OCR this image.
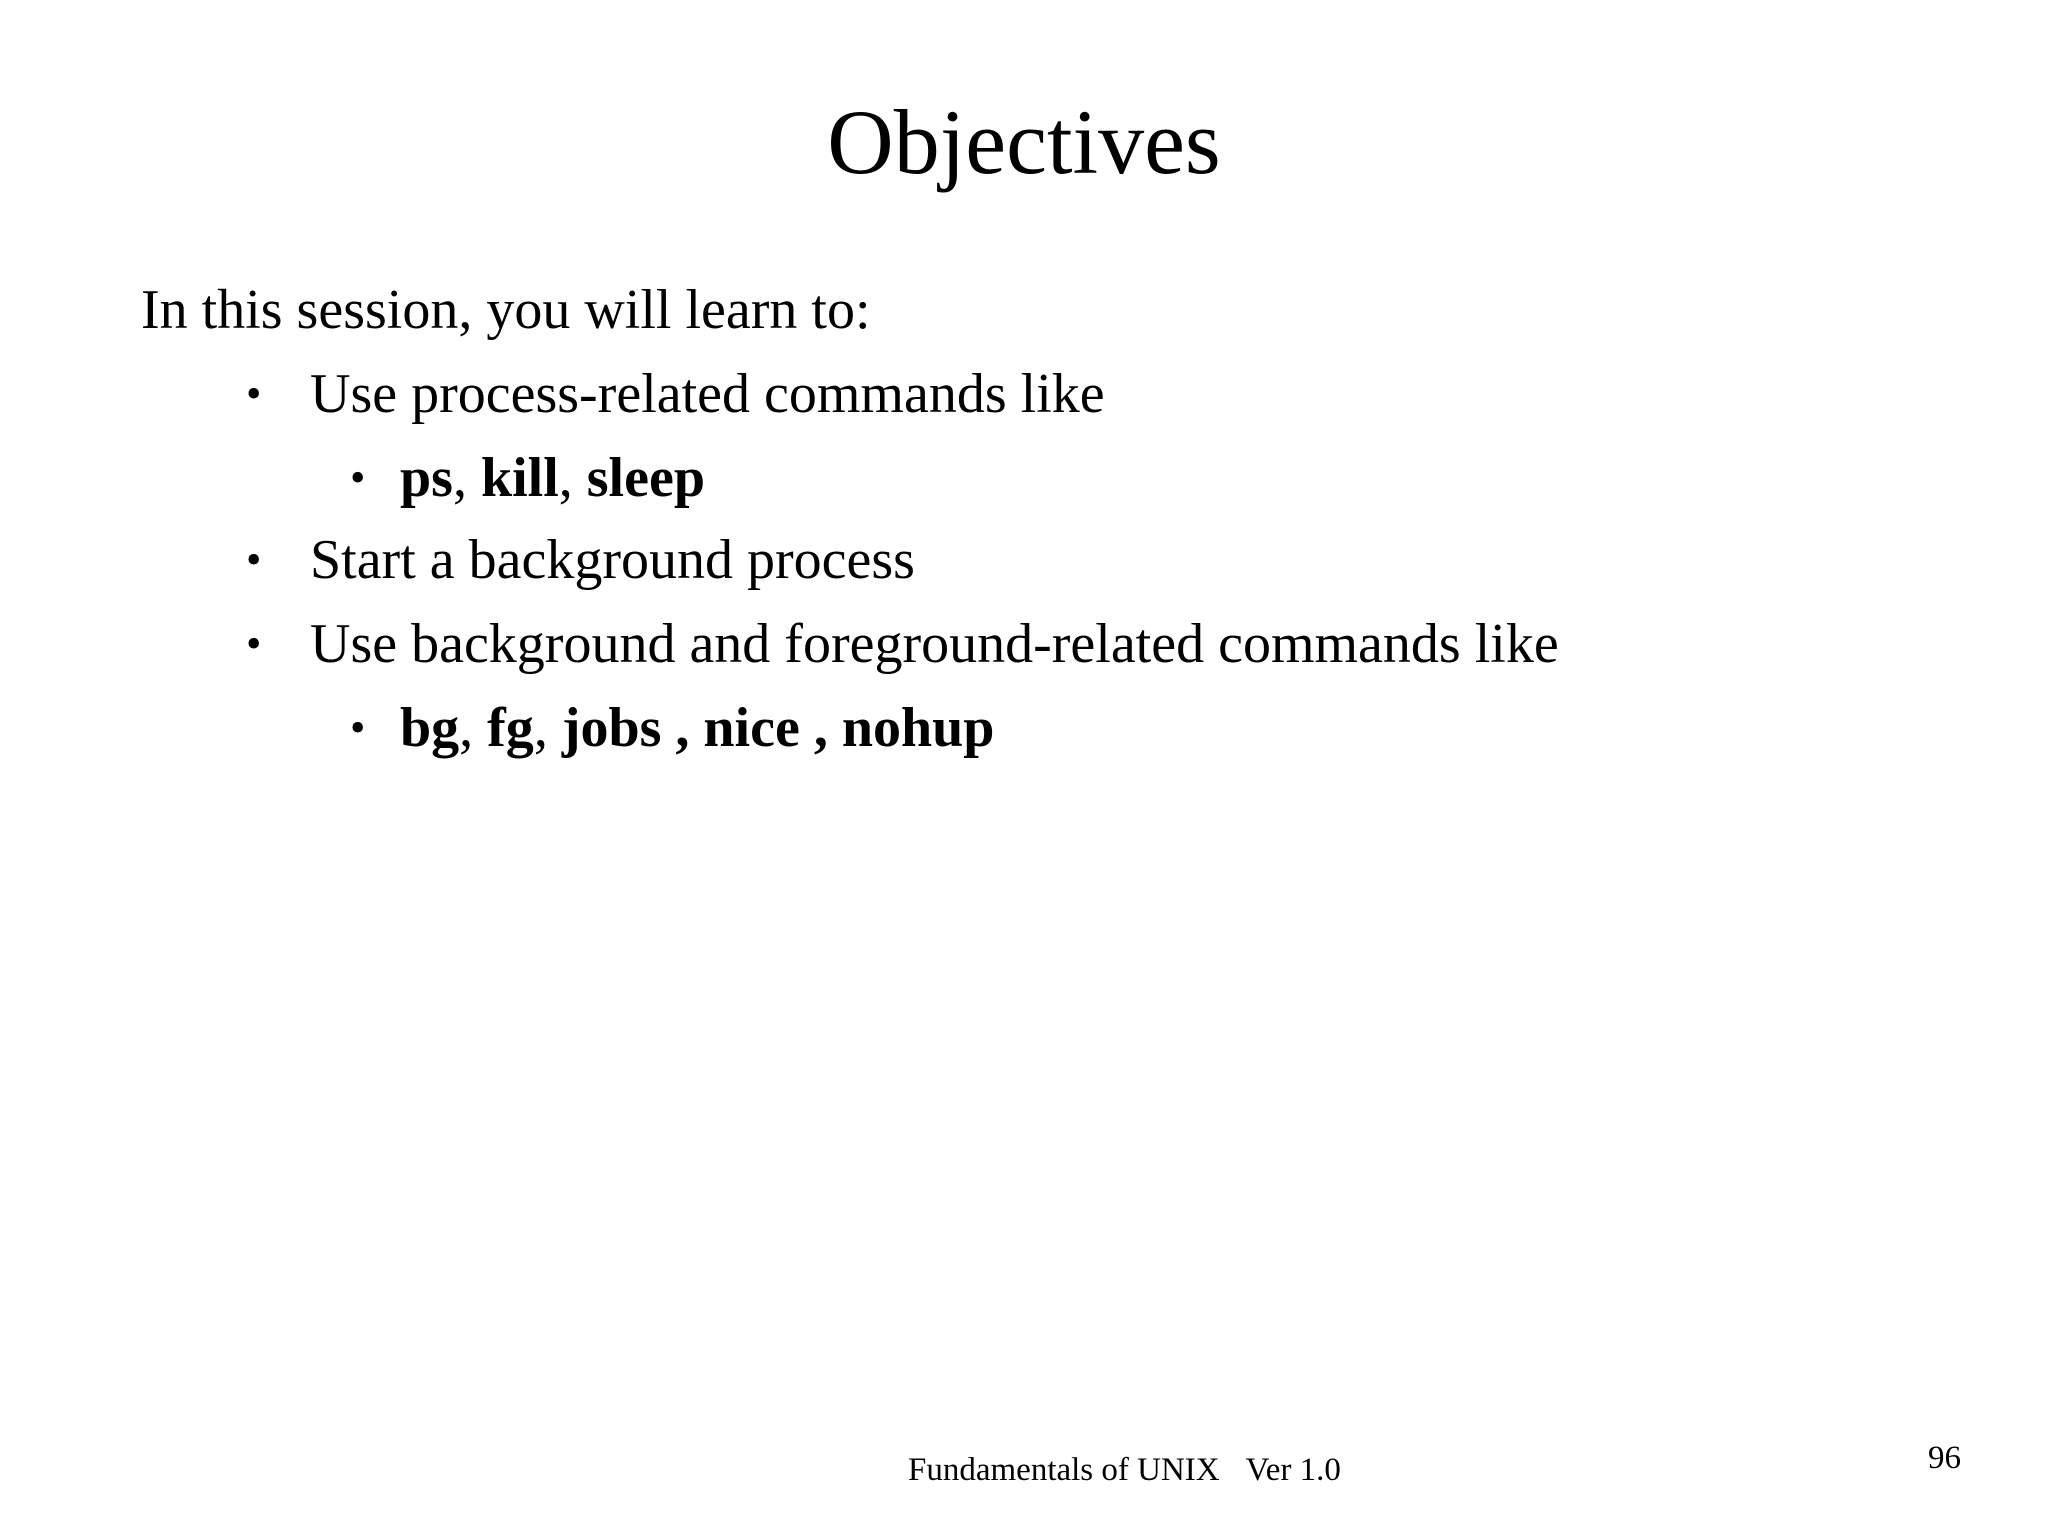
Objectives
In this session, you will learn to:
• Use process-related commands like
• ps, kill, sleep
• Start a background process
• Use background and foreground-related commands like
• bg, fg, jobs , nice , nohup
Fundamentals of UNIX Ver 1.0	96
